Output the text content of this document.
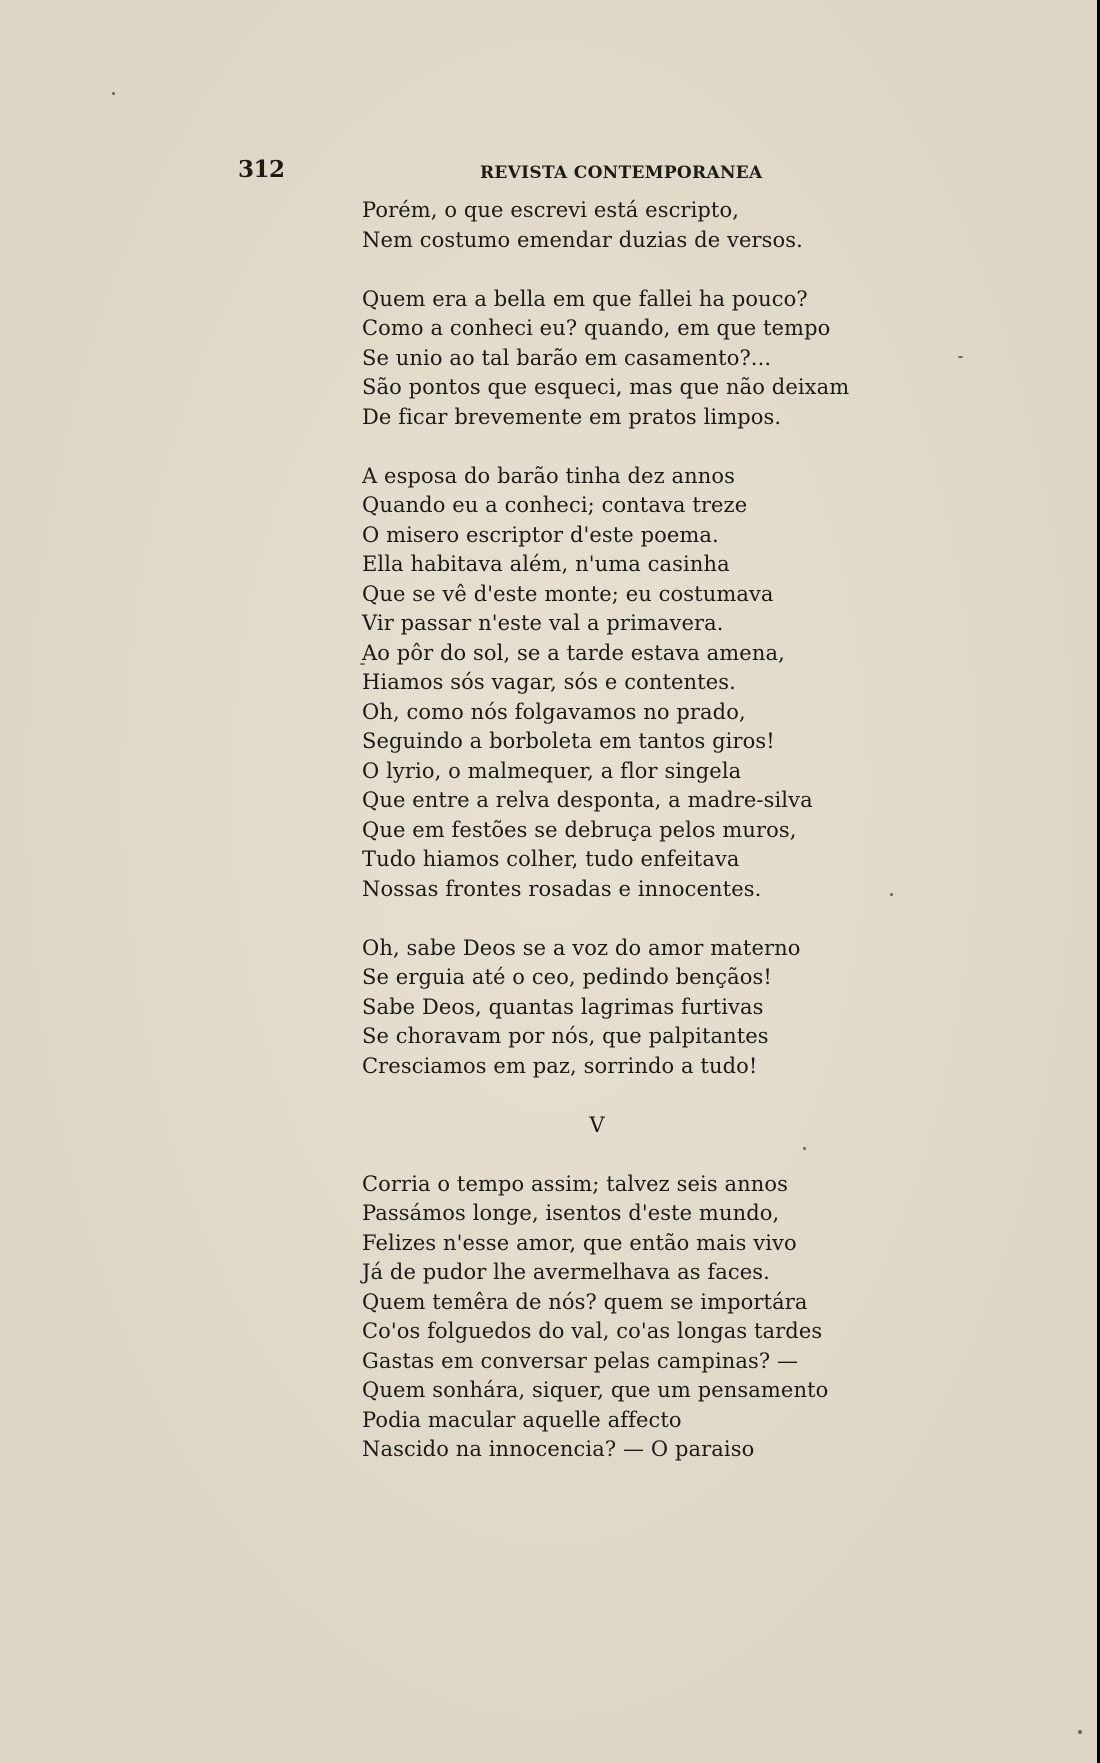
312	REVISTA CONTEMPORANEA
Porém, o que escrevi está escripto,
Nem costumo emendar duzias de versos.
Quem era a bella em que fallei ha pouco?
Como a conheci eu? quando, em que tempo
Se unio ao tal barão em casamento?...
São pontos que esqueci, mas que não deixam
De ficar brevemente em pratos limpos.
A esposa do barão tinha dez annos
Quando eu a conheci; contava treze
O misero escriptor d'este poema.
Ella habitava além, n'uma casinha
Que se vê d'este monte; eu costumava
Vir passar n'este val a primavera.
Ao pôr do sol, se a tarde estava amena,
Hiamos sós vagar, sós e contentes.
Oh, como nós folgavamos no prado,
Seguindo a borboleta em tantos giros!
O lyrio, o malmequer, a flor singela
Que entre a relva desponta, a madre-silva
Que em festões se debruça pelos muros,
Tudo hiamos colher, tudo enfeitava
Nossas frontes rosadas e innocentes.
Oh, sabe Deos se a voz do amor materno
Se erguia até o ceo, pedindo bençãos!
Sabe Deos, quantas lagrimas furtivas
Se choravam por nós, que palpitantes
Cresciamos em paz, sorrindo a tudo!
V
Corria o tempo assim; talvez seis annos
Passámos longe, isentos d'este mundo,
Felizes n'esse amor, que então mais vivo
Já de pudor lhe avermelhava as faces.
Quem temêra de nós? quem se importára
Co'os folguedos do val, co'as longas tardes
Gastas em conversar pelas campinas? —
Quem sonhára, siquer, que um pensamento
Podia macular aquelle affecto
Nascido na innocencia? — O paraiso
